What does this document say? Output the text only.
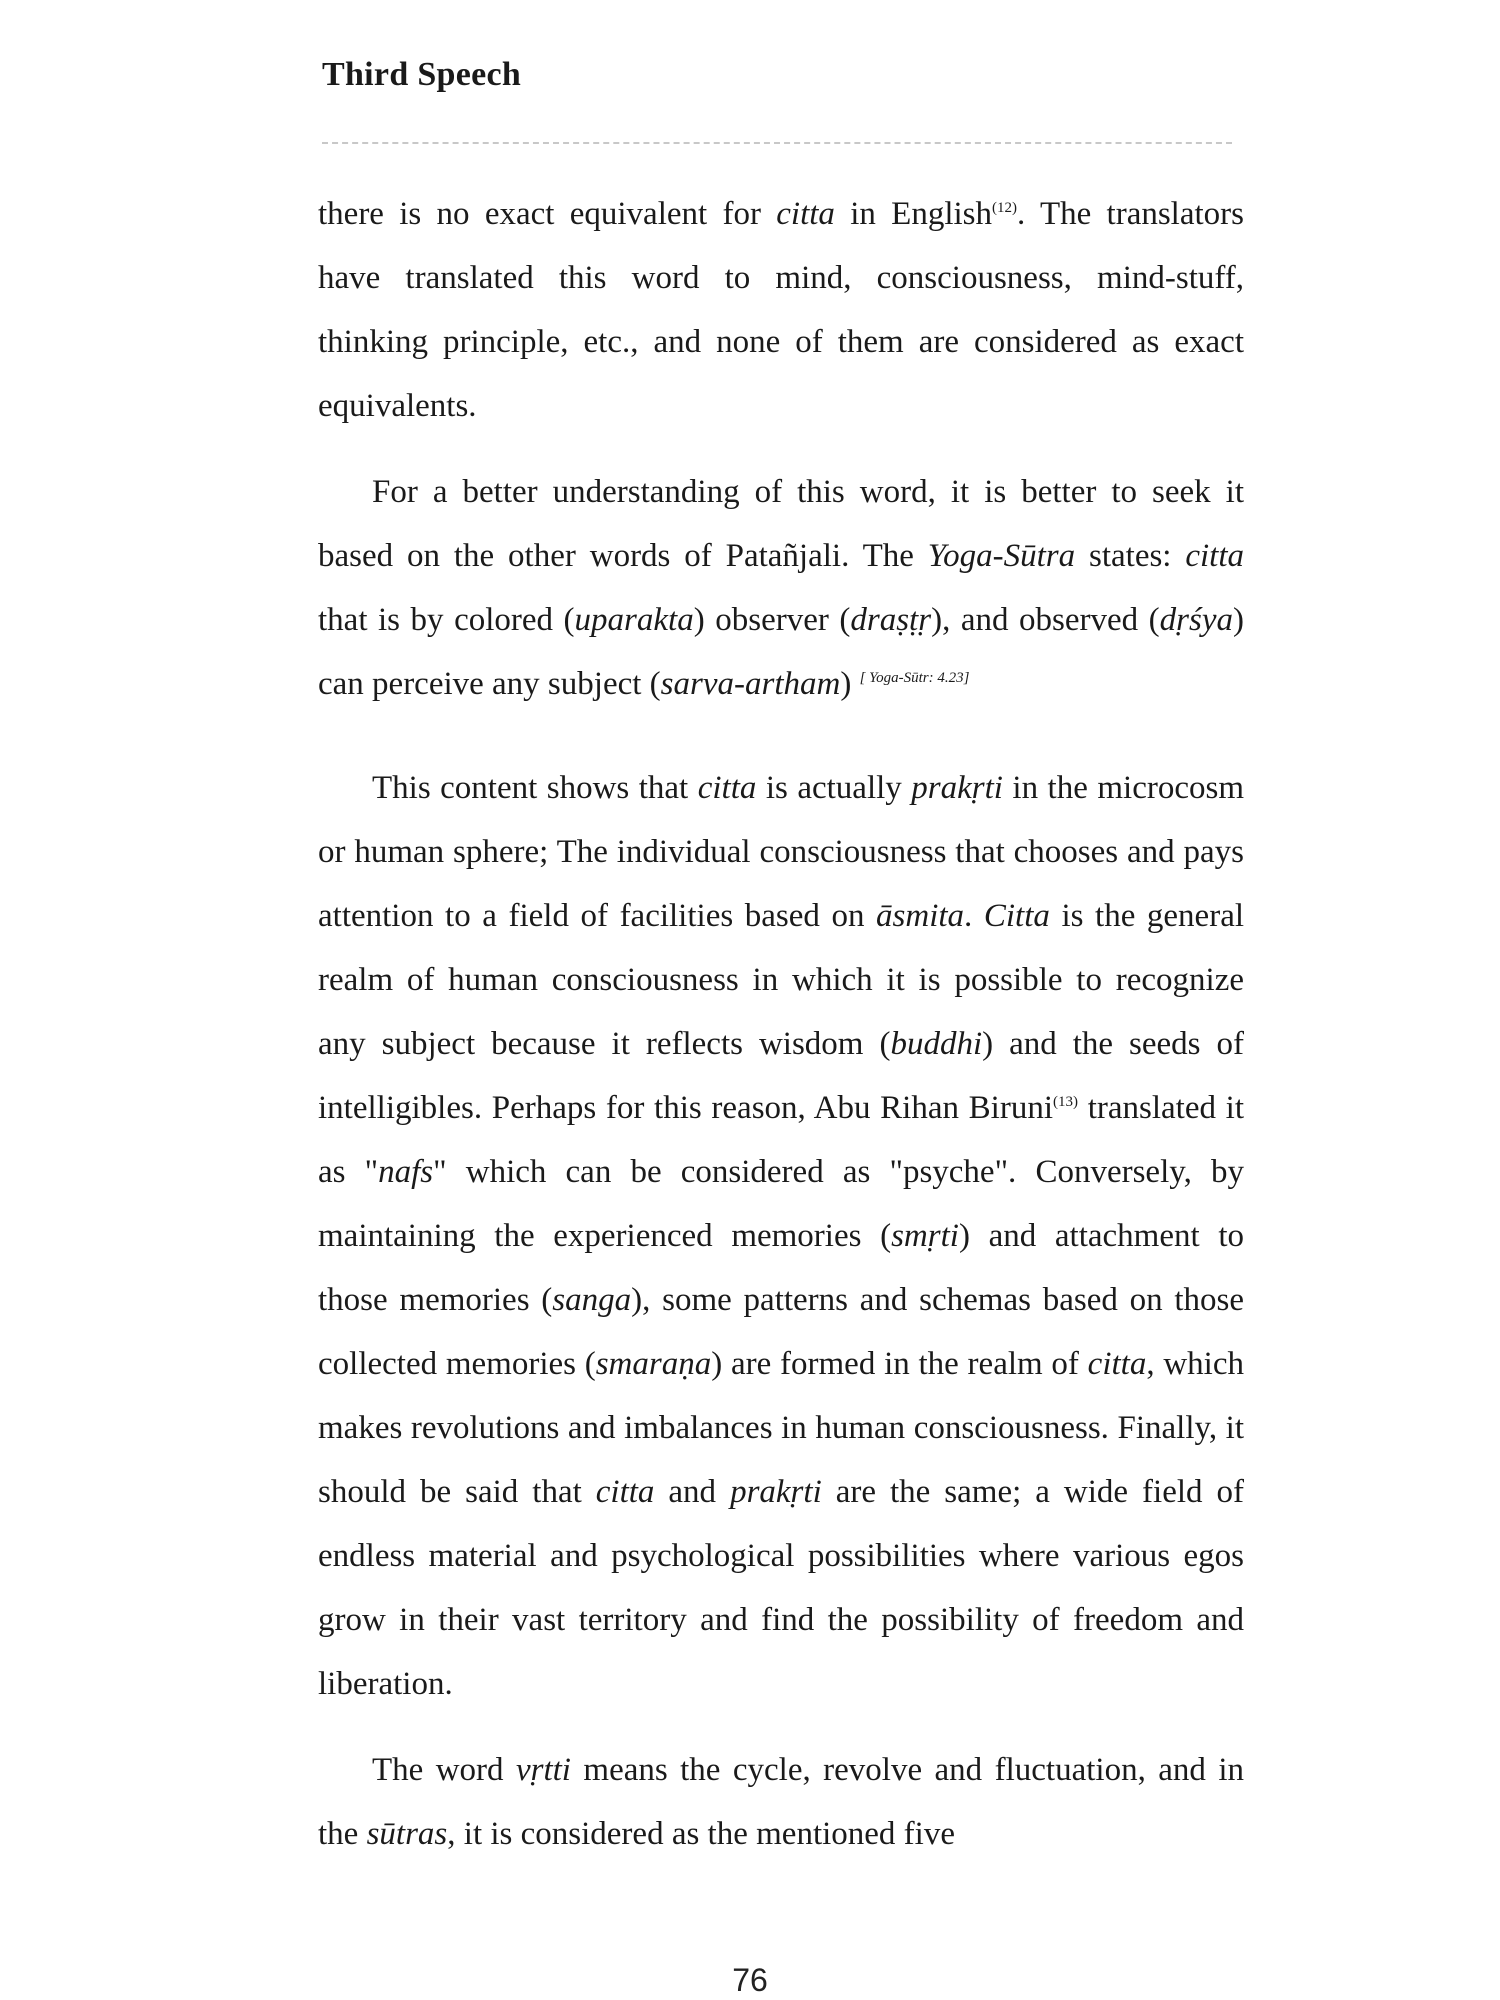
Third Speech

there is no exact equivalent for citta in English$^{(12)}$. The translators have translated this word to mind, consciousness, mind-stuff, thinking principle, etc., and none of them are considered as exact equivalents.

For a better understanding of this word, it is better to seek it based on the other words of Patañjali. The Yoga-Sūtra states: citta that is by colored (uparakta) observer (draṣṭṛ), and observed (dṛśya) can perceive any subject (sarva-artham) [ Yoga-Sūtr: 4.23]

This content shows that citta is actually prakṛti in the microcosm or human sphere; The individual consciousness that chooses and pays attention to a field of facilities based on āsmita. Citta is the general realm of human consciousness in which it is possible to recognize any subject because it reflects wisdom (buddhi) and the seeds of intelligibles. Perhaps for this reason, Abu Rihan Biruni$^{(13)}$ translated it as "nafs" which can be considered as "psyche". Conversely, by maintaining the experienced memories (smṛti) and attachment to those memories (sanga), some patterns and schemas based on those collected memories (smaraṇa) are formed in the realm of citta, which makes revolutions and imbalances in human consciousness. Finally, it should be said that citta and prakṛti are the same; a wide field of endless material and psychological possibilities where various egos grow in their vast territory and find the possibility of freedom and liberation.

The word vṛtti means the cycle, revolve and fluctuation, and in the sūtras, it is considered as the mentioned five

76
